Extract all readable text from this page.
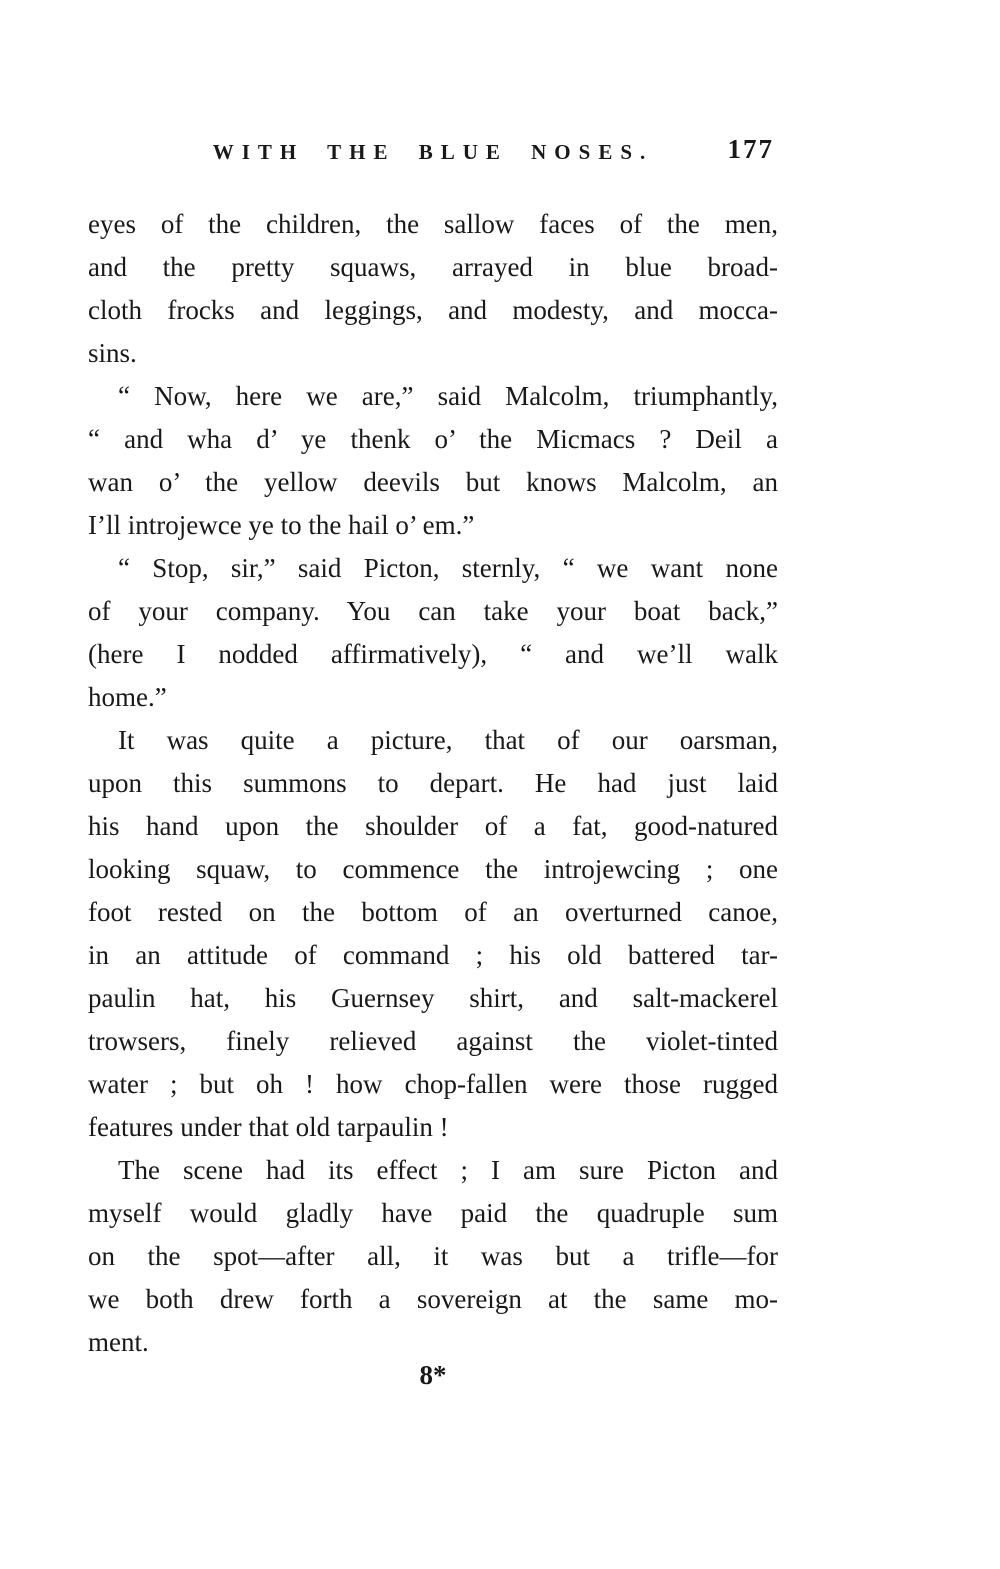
WITH THE BLUE NOSES.	177
eyes of the children, the sallow faces of the men,
and the pretty squaws, arrayed in blue broad-
cloth frocks and leggings, and modesty, and mocca-
sins.
“ Now, here we are,” said Malcolm, triumphantly,
“ and wha d’ ye thenk o’ the Micmacs ? Deil a
wan o’ the yellow deevils but knows Malcolm, an
I’ll introjewce ye to the hail o’ em.”
“ Stop, sir,” said Picton, sternly, “ we want none
of your company. You can take your boat back,”
(here I nodded affirmatively), “ and we’ll walk
home.”
It was quite a picture, that of our oarsman,
upon this summons to depart. He had just laid
his hand upon the shoulder of a fat, good-natured
looking squaw, to commence the introjewcing ; one
foot rested on the bottom of an overturned canoe,
in an attitude of command ; his old battered tar-
paulin hat, his Guernsey shirt, and salt-mackerel
trowsers, finely relieved against the violet-tinted
water ; but oh ! how chop-fallen were those rugged
features under that old tarpaulin !
The scene had its effect ; I am sure Picton and
myself would gladly have paid the quadruple sum
on the spot—after all, it was but a trifle—for
we both drew forth a sovereign at the same mo-
ment.
8*
